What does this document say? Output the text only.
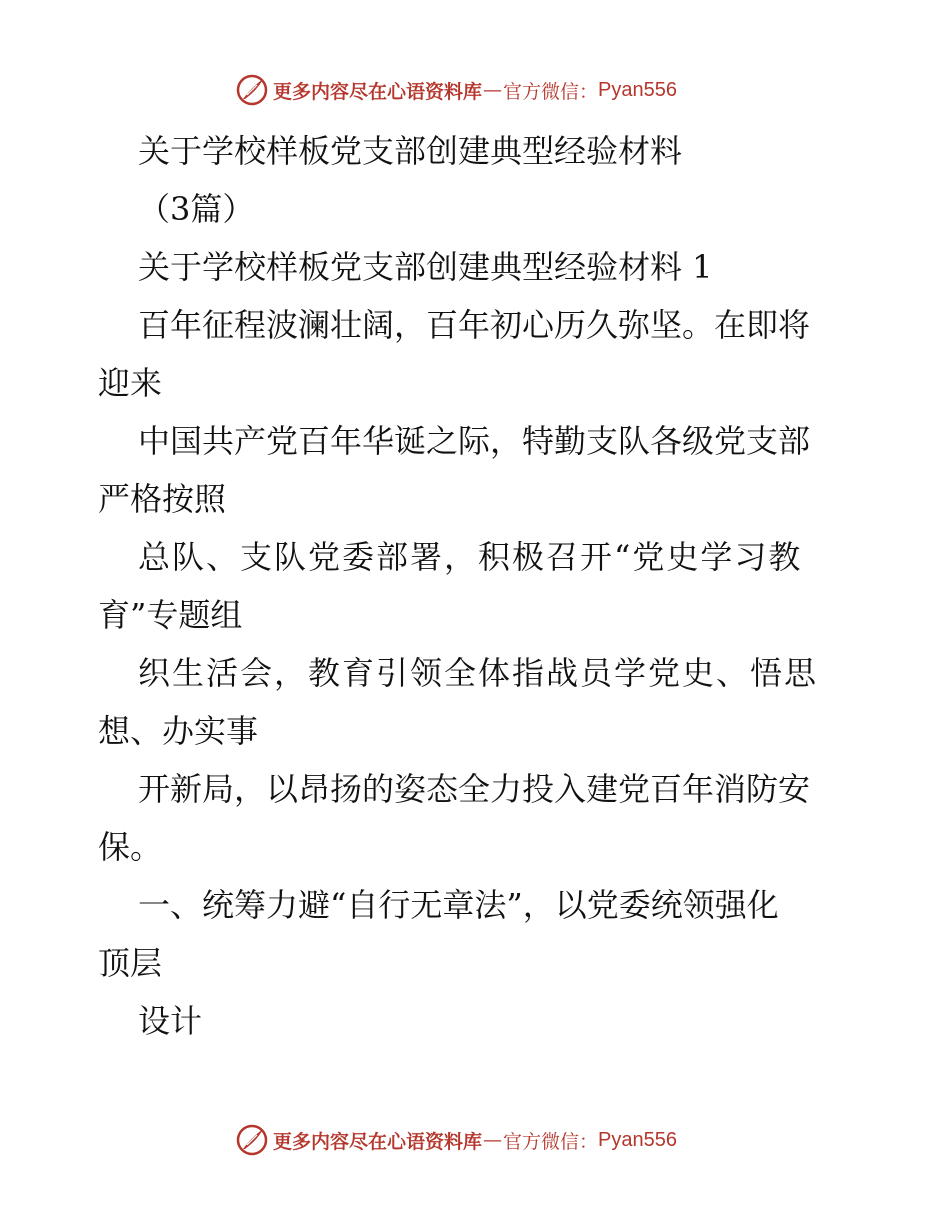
更多内容尽在心语资料库 — 官方微信： Pyan556
关于学校样板党支部创建典型经验材料
（3篇）
关于学校样板党支部创建典型经验材料 1
百年征程波澜壮阔，百年初心历久弥坚。在即将
迎来
中国共产党百年华诞之际，特勤支队各级党支部
严格按照
总队、支队党委部署，积极召开“党史学习教
育”专题组
织生活会，教育引领全体指战员学党史、悟思
想、办实事
开新局，以昂扬的姿态全力投入建党百年消防安
保。
一、统筹力避“自行无章法”，以党委统领强化
顶层
设计
更多内容尽在心语资料库 — 官方微信： Pyan556
